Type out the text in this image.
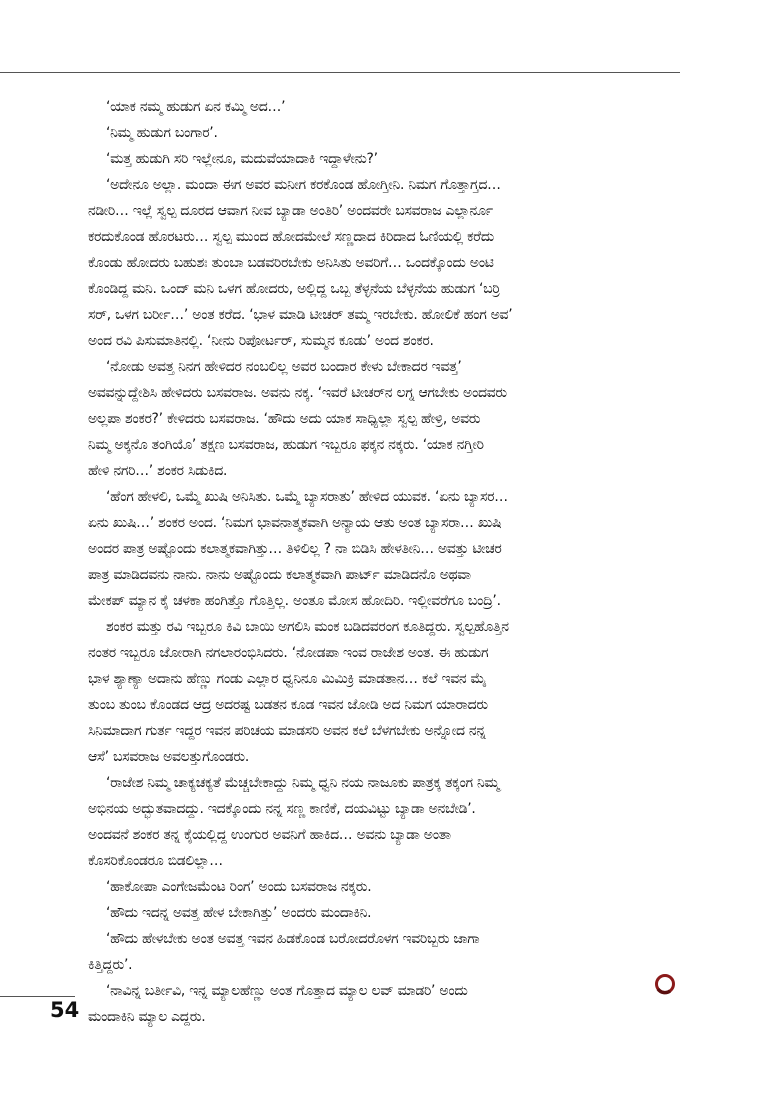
‘ಯಾಕ ನಮ್ಮ ಹುಡುಗ ಏನ ಕಮ್ಮಿ ಅದ…’

‘ನಿಮ್ಮ ಹುಡುಗ ಬಂಗಾರ’.

‘ಮತ್ತ ಹುಡುಗಿ ಸರಿ ಇಲ್ಲೇನೂ, ಮದುವೆಯಾದಾಕಿ ಇದ್ದಾಳೇನು?’

‘ಅದೇನೂ ಅಲ್ಲಾ. ಮಂದಾ ಈಗ ಅವರ ಮನೀಗ ಕರಕೊಂಡ ಹೋಗ್ತೀನಿ. ನಿಮಗ ಗೊತ್ತಾಗ್ತದ…
ನಡೀರಿ… ಇಲ್ಲೆ ಸ್ವಲ್ಪ ದೂರದ ಆವಾಗ ನೀವ ಬ್ಯಾಡಾ ಅಂತಿರಿ’ ಅಂದವರೇ ಬಸವರಾಜ ಎಲ್ಲಾರ್ನೂ
ಕರದುಕೊಂಡ ಹೊರಟರು… ಸ್ವಲ್ಪ ಮುಂದ ಹೋದಮೇಲೆ ಸಣ್ಣದಾದ ಕಿರಿದಾದ ಓಣಿಯಲ್ಲಿ ಕರೆದು
ಕೊಂಡು ಹೋದರು ಬಹುಶಃ ತುಂಬಾ ಬಡವರಿರಬೇಕು ಅನಿಸಿತು ಅವರಿಗೆ… ಒಂದಕ್ಕೊಂದು ಅಂಟಿ
ಕೊಂಡಿದ್ದ ಮನಿ. ಒಂದ್ ಮನಿ ಒಳಗ ಹೋದರು, ಅಲ್ಲಿದ್ದ ಒಬ್ಬ ತೆಳ್ಳನೆಯ ಬೆಳ್ಳನೆಯ ಹುಡುಗ ‘ಬರ್ರಿ
ಸರ್, ಒಳಗ ಬರ್ರೀ…’ ಅಂತ ಕರೆದ. ‘ಭಾಳ ಮಾಡಿ ಟೀಚರ್ ತಮ್ಮ ಇರಬೇಕು. ಹೋಲಿಕೆ ಹಂಗ ಅವ’
ಅಂದ ರವಿ ಪಿಸುಮಾತಿನಲ್ಲಿ. ‘ನೀನು ರಿಪೋರ್ಟರ್, ಸುಮ್ಮನ ಕೂಡು’ ಅಂದ ಶಂಕರ.

‘ನೋಡು ಅವತ್ತ ನಿನಗ ಹೇಳಿದರ ನಂಬಲಿಲ್ಲ ಅವರ ಬಂದಾರ ಕೇಳು ಬೇಕಾದರ ಇವತ್ತ’
ಅವವನ್ನುದ್ದೇಶಿಸಿ ಹೇಳಿದರು ಬಸವರಾಜ. ಅವನು ನಕ್ಕ. ‘ಇವರೆ ಟೀಚರ್‌ನ ಲಗ್ನ ಆಗಬೇಕು ಅಂದವರು
ಅಲ್ಲಪಾ ಶಂಕರ?’ ಕೇಳಿದರು ಬಸವರಾಜ. ‘ಹೌದು ಅದು ಯಾಕ ಸಾಧ್ಯಿಲ್ಲಾ ಸ್ವಲ್ಪ ಹೇಳ್ರಿ, ಅವರು
ನಿಮ್ಮ ಅಕ್ಕನೊ ತಂಗಿಯೊ’ ತಕ್ಷಣ ಬಸವರಾಜ, ಹುಡುಗ ಇಬ್ಬರೂ ಫಕ್ಕನ ನಕ್ಕರು. ‘ಯಾಕ ನಗ್ತೀರಿ
ಹೇಳಿ ನಗರಿ…’ ಶಂಕರ ಸಿಡುಕಿದ.

‘ಹೆಂಗ ಹೇಳಲಿ, ಒಮ್ಮೆ ಖುಷಿ ಅನಿಸಿತು. ಒಮ್ಮೆ ಬ್ಯಾಸರಾತು’ ಹೇಳಿದ ಯುವಕ. ‘ಏನು ಬ್ಯಾಸರ…
ಏನು ಖುಷಿ…’ ಶಂಕರ ಅಂದ. ‘ನಿಮಗ ಭಾವನಾತ್ಮಕವಾಗಿ ಅನ್ಯಾಯ ಆತು ಅಂತ ಬ್ಯಾಸರಾ… ಖುಷಿ
ಅಂದರ ಪಾತ್ರ ಅಷ್ಟೊಂದು ಕಲಾತ್ಮಕವಾಗಿತ್ತು… ತಿಳಿಲಿಲ್ಲ ? ನಾ ಬಿಡಿಸಿ ಹೇಳತೀನಿ… ಅವತ್ತು ಟೀಚರ
ಪಾತ್ರ ಮಾಡಿದವನು ನಾನು. ನಾನು ಅಷ್ಟೊಂದು ಕಲಾತ್ಮಕವಾಗಿ ಪಾರ್ಟ್ ಮಾಡಿದನೊ ಅಥವಾ
ಮೇಕಪ್ ಮ್ಯಾನ ಕೈ ಚಳಕಾ ಹಂಗಿತ್ತೊ ಗೊತ್ತಿಲ್ಲ. ಅಂತೂ ಮೋಸ ಹೋದಿರಿ. ಇಲ್ಲೀವರೆಗೂ ಬಂದ್ರಿ’.

ಶಂಕರ ಮತ್ತು ರವಿ ಇಬ್ಬರೂ ಕಿವಿ ಬಾಯಿ ಅಗಲಿಸಿ ಮಂಕ ಬಡಿದವರಂಗ ಕೂತಿದ್ದರು. ಸ್ವಲ್ಪಹೊತ್ತಿನ
ನಂತರ ಇಬ್ಬರೂ ಜೋರಾಗಿ ನಗಲಾರಂಭಿಸಿದರು. ‘ನೋಡಪಾ ಇಂವ ರಾಜೇಶ ಅಂತ. ಈ ಹುಡುಗ
ಭಾಳ ಶ್ಯಾಣ್ಯಾ ಅದಾನು ಹೆಣ್ಣು ಗಂಡು ಎಲ್ಲಾರ ಧ್ವನಿನೂ ಮಿಮಿಕ್ರಿ ಮಾಡತಾನ… ಕಲೆ ಇವನ ಮೈ
ತುಂಬ ತುಂಬ ಕೊಂಡದ ಆದ್ರ ಅದರಷ್ಟ ಬಡತನ ಕೂಡ ಇವನ ಜೋಡಿ ಅದ ನಿಮಗ ಯಾರಾದರು
ಸಿನಿಮಾದಾಗ ಗುರ್ತ ಇದ್ದರ ಇವನ ಪರಿಚಯ ಮಾಡಸರಿ ಅವನ ಕಲೆ ಬೆಳಗಬೇಕು ಅನ್ನೋದ ನನ್ನ
ಆಸೆ’ ಬಸವರಾಜ ಅವಲತ್ತುಗೊಂಡರು.

‘ರಾಜೇಶ ನಿಮ್ಮ ಚಾಕ್ಯಚಕ್ಯತೆ ಮೆಚ್ಚಬೇಕಾದ್ದು ನಿಮ್ಮ ಧ್ವನಿ ನಯ ನಾಜೂಕು ಪಾತ್ರಕ್ಕ ತಕ್ಕಂಗ ನಿಮ್ಮ
ಅಭಿನಯ ಅದ್ಭುತವಾದದ್ದು. ಇದಕ್ಕೊಂದು ನನ್ನ ಸಣ್ಣ ಕಾಣಿಕೆ, ದಯವಿಟ್ಟು ಬ್ಯಾಡಾ ಅನಬೇಡಿ’.
ಅಂದವನೆ ಶಂಕರ ತನ್ನ ಕೈಯಲ್ಲಿದ್ದ ಉಂಗುರ ಅವನಿಗೆ ಹಾಕಿದ… ಅವನು ಬ್ಯಾಡಾ ಅಂತಾ
ಕೊಸರಿಕೊಂಡರೂ ಬಿಡಲಿಲ್ಲಾ…

‘ಹಾಕೋಪಾ ಎಂಗೇಜಮೆಂಟ ರಿಂಗ’ ಅಂದು ಬಸವರಾಜ ನಕ್ಕರು.

‘ಹೌದು ಇದನ್ನ ಅವತ್ತ ಹೇಳ ಬೇಕಾಗಿತ್ತು’ ಅಂದರು ಮಂದಾಕಿನಿ.

‘ಹೌದು ಹೇಳಬೇಕು ಅಂತ ಅವತ್ತ ಇವನ ಹಿಡಕೊಂಡ ಬರೋದರೊಳಗ ಇವರಿಬ್ಬರು ಜಾಗಾ
ಕಿತ್ತಿದ್ದರು’.

‘ನಾವಿನ್ನ ಬರ್ತೀವಿ, ಇನ್ನ ಮ್ಯಾಲಹೆಣ್ಣು ಅಂತ ಗೊತ್ತಾದ ಮ್ಯಾಲ ಲವ್ ಮಾಡರಿ’ ಅಂದು
ಮಂದಾಕಿನಿ ಮ್ಯಾಲ ಎದ್ದರು.

54
